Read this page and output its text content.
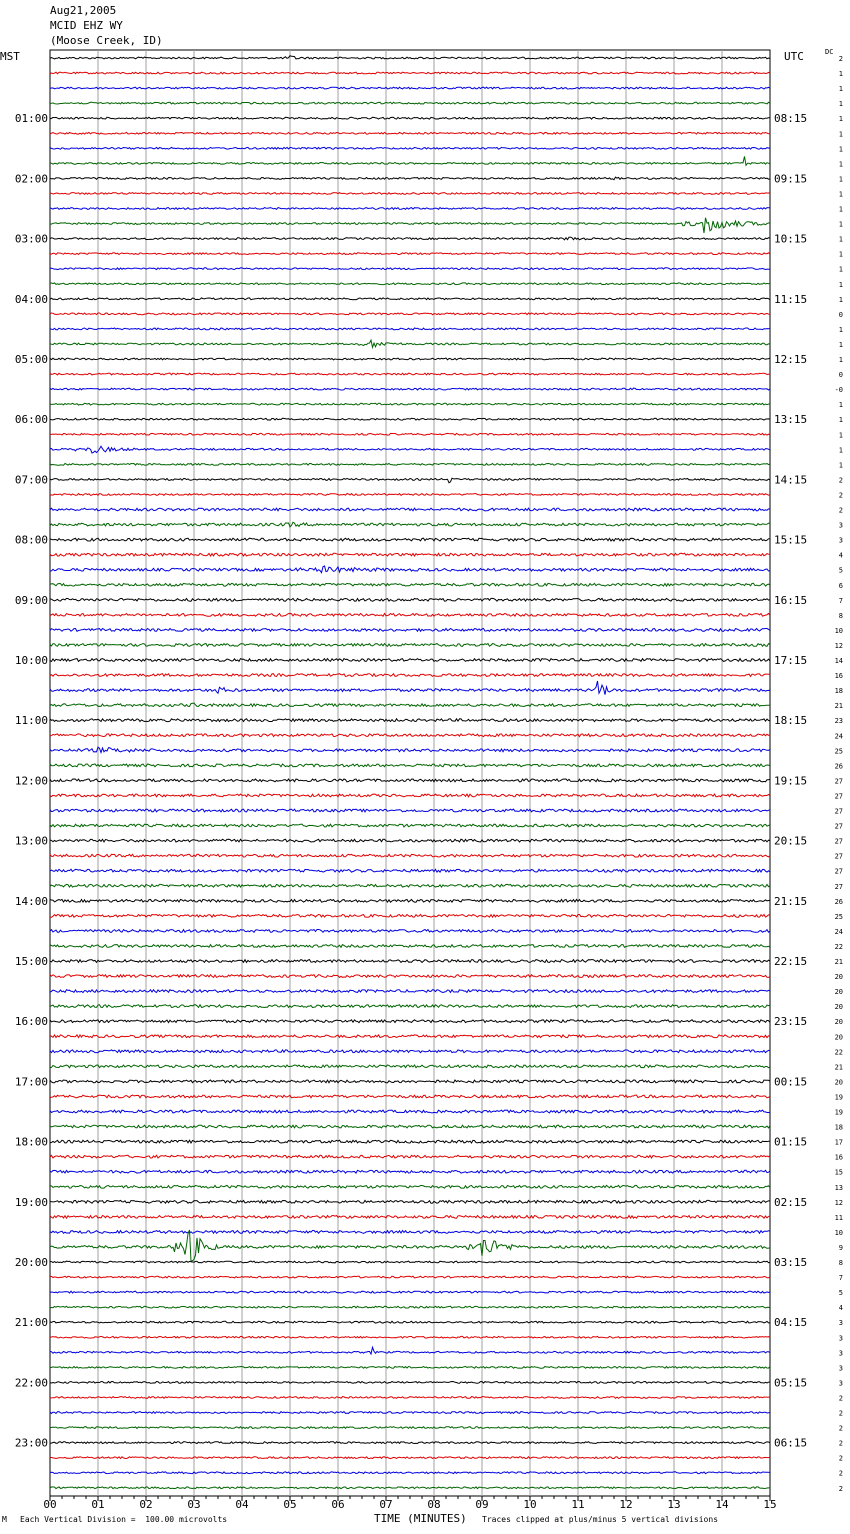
Aug21,2005
MCID EHZ WY
(Moose Creek, ID)
MST	UTC	DC
00	01	02	03	04	05	06	07	08	09	10	11	12	13	14	15
2
1
1
1
1
01:00	08:15
1
1
1
1
02:00	09:15
1
1
1
1
03:00	10:15
1
1
1
1
04:00	11:15
0
1
1
1
05:00	12:15
0
-0
1
1
06:00	13:15
1
1
1
2
07:00	14:15
2
2
3
3
08:00	15:15
4
5
6
7
09:00	16:15
8
10
12
14
10:00	17:15
16
18
21
23
11:00	18:15
24
25
26
27
12:00	19:15
27
27
27
27
13:00	20:15
27
27
27
26
14:00	21:15
25
24
22
21
15:00	22:15
20
20
20
20
16:00	23:15
20
22
21
20
17:00	00:15
19
19
18
17
18:00	01:15
16
15
13
12
19:00	02:15
11
10
9
8
20:00	03:15
7
5
4
3
21:00	04:15
3
3
3
3
22:00	05:15
2
2
2
2
23:00	06:15
2
2
2
TIME (MINUTES)
M Each Vertical Division =  100.00 microvolts	Traces clipped at plus/minus 5 vertical divisions
